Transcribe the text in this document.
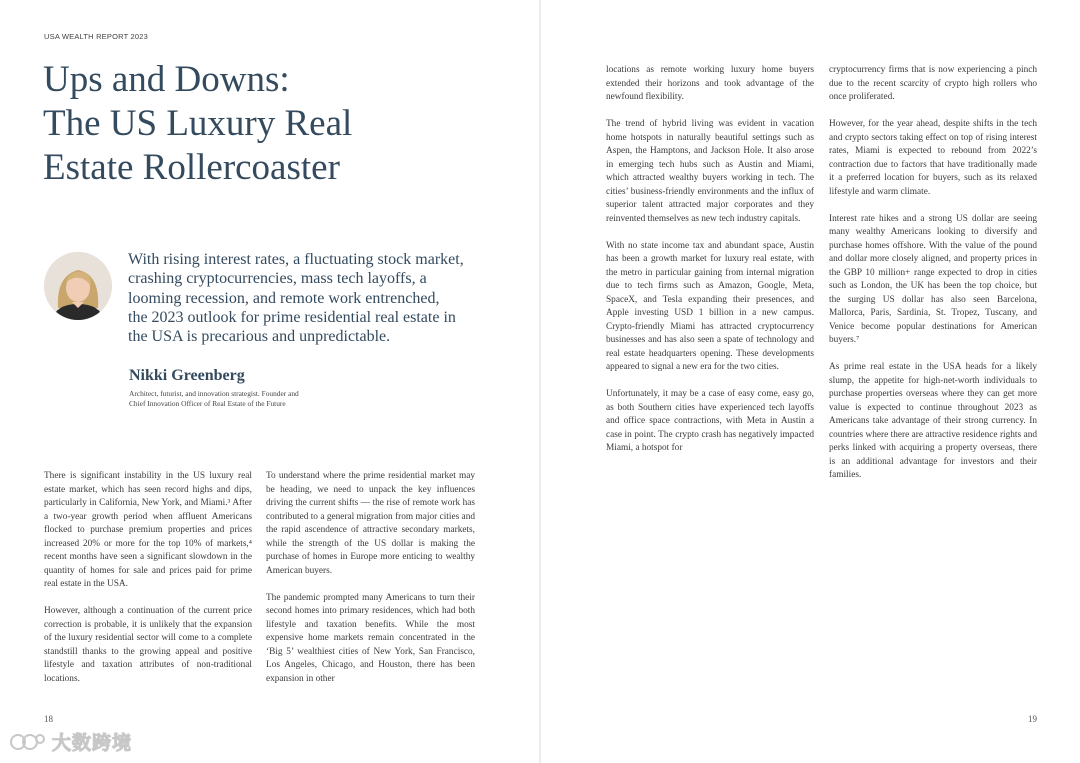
USA WEALTH REPORT 2023
Ups and Downs:
The US Luxury Real
Estate Rollercoaster

With rising interest rates, a fluctuating stock market,
crashing cryptocurrencies, mass tech layoffs, a
looming recession, and remote work entrenched,
the 2023 outlook for prime residential real estate in
the USA is precarious and unpredictable.

Nikki Greenberg
Architect, futurist, and innovation strategist. Founder and
Chief Innovation Officer of Real Estate of the Future

There is significant instability in the US luxury real estate market, which has seen record highs and dips, particularly in California, New York, and Miami.³ After a two-year growth period when affluent Americans flocked to purchase premium properties and prices increased 20% or more for the top 10% of markets,⁴ recent months have seen a significant slowdown in the quantity of homes for sale and prices paid for prime real estate in the USA.

However, although a continuation of the current price correction is probable, it is unlikely that the expansion of the luxury residential sector will come to a complete standstill thanks to the growing appeal and positive lifestyle and taxation attributes of non-traditional locations.

To understand where the prime residential market may be heading, we need to unpack the key influences driving the current shifts — the rise of remote work has contributed to a general migration from major cities and the rapid ascendence of attractive secondary markets, while the strength of the US dollar is making the purchase of homes in Europe more enticing to wealthy American buyers.

The pandemic prompted many Americans to turn their second homes into primary residences, which had both lifestyle and taxation benefits. While the most expensive home markets remain concentrated in the ‘Big 5’ wealthiest cities of New York, San Francisco, Los Angeles, Chicago, and Houston, there has been expansion in other

18

locations as remote working luxury home buyers extended their horizons and took advantage of the newfound flexibility.

The trend of hybrid living was evident in vacation home hotspots in naturally beautiful settings such as Aspen, the Hamptons, and Jackson Hole. It also arose in emerging tech hubs such as Austin and Miami, which attracted wealthy buyers working in tech. The cities’ business-friendly environments and the influx of superior talent attracted major corporates and they reinvented themselves as new tech industry capitals.

With no state income tax and abundant space, Austin has been a growth market for luxury real estate, with the metro in particular gaining from internal migration due to tech firms such as Amazon, Google, Meta, SpaceX, and Tesla expanding their presences, and Apple investing USD 1 billion in a new campus. Crypto-friendly Miami has attracted cryptocurrency businesses and has also seen a spate of technology and real estate headquarters opening. These developments appeared to signal a new era for the two cities.

Unfortunately, it may be a case of easy come, easy go, as both Southern cities have experienced tech layoffs and office space contractions, with Meta in Austin a case in point. The crypto crash has negatively impacted Miami, a hotspot for

cryptocurrency firms that is now experiencing a pinch due to the recent scarcity of crypto high rollers who once proliferated.

However, for the year ahead, despite shifts in the tech and crypto sectors taking effect on top of rising interest rates, Miami is expected to rebound from 2022’s contraction due to factors that have traditionally made it a preferred location for buyers, such as its relaxed lifestyle and warm climate.

Interest rate hikes and a strong US dollar are seeing many wealthy Americans looking to diversify and purchase homes offshore. With the value of the pound and dollar more closely aligned, and property prices in the GBP 10 million+ range expected to drop in cities such as London, the UK has been the top choice, but the surging US dollar has also seen Barcelona, Mallorca, Paris, Sardinia, St. Tropez, Tuscany, and Venice become popular destinations for American buyers.⁷

As prime real estate in the USA heads for a likely slump, the appetite for high-net-worth individuals to purchase properties overseas where they can get more value is expected to continue throughout 2023 as Americans take advantage of their strong currency. In countries where there are attractive residence rights and perks linked with acquiring a property overseas, there is an additional advantage for investors and their families.

19
大数跨境
